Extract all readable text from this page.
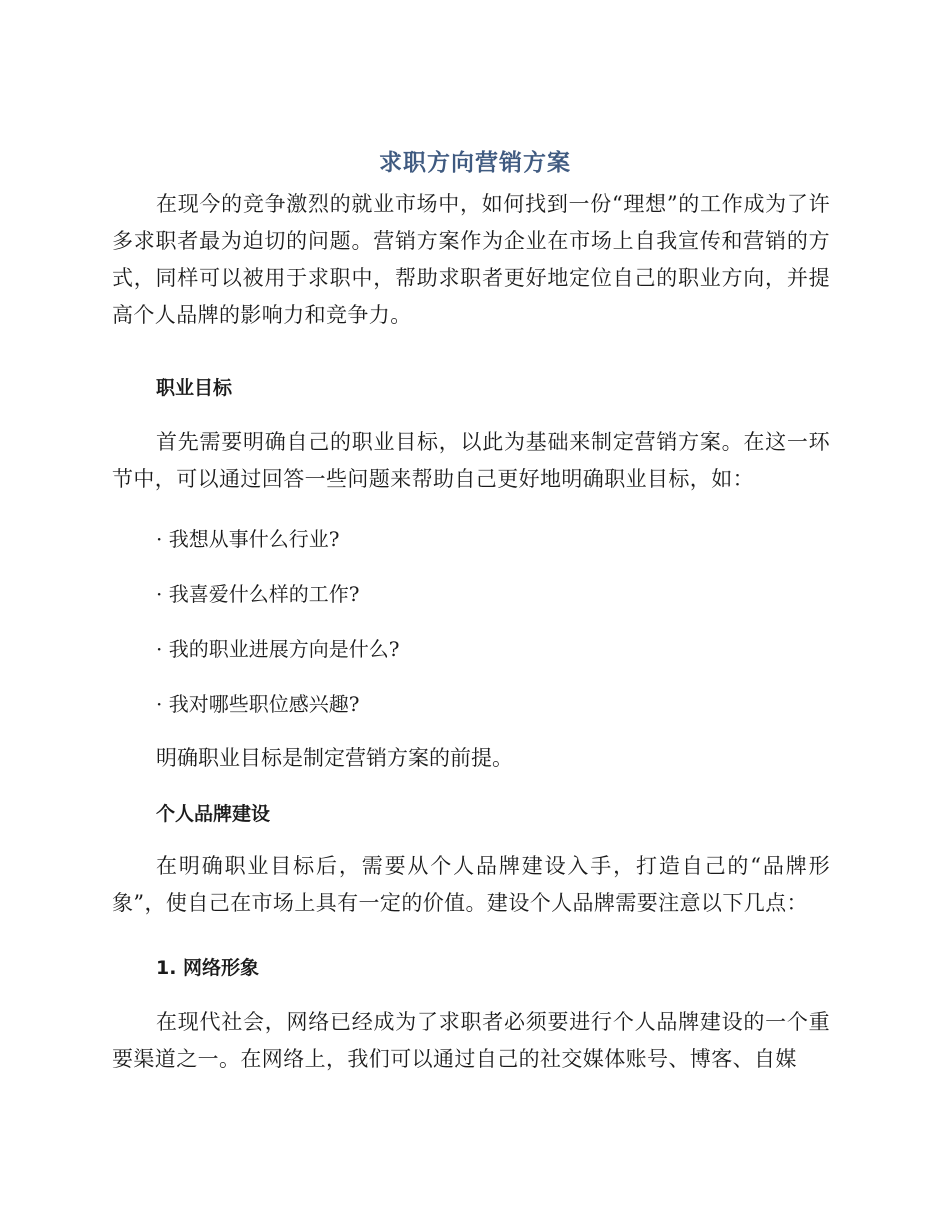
求职方向营销方案
在现今的竞争激烈的就业市场中，如何找到一份“理想”的工作成为了许多求职者最为迫切的问题。营销方案作为企业在市场上自我宣传和营销的方式，同样可以被用于求职中，帮助求职者更好地定位自己的职业方向，并提高个人品牌的影响力和竞争力。
职业目标
首先需要明确自己的职业目标，以此为基础来制定营销方案。在这一环节中，可以通过回答一些问题来帮助自己更好地明确职业目标，如：
· 我想从事什么行业?
· 我喜爱什么样的工作?
· 我的职业进展方向是什么?
· 我对哪些职位感兴趣?
明确职业目标是制定营销方案的前提。
个人品牌建设
在明确职业目标后，需要从个人品牌建设入手，打造自己的“品牌形象”，使自己在市场上具有一定的价值。建设个人品牌需要注意以下几点：
1. 网络形象
在现代社会，网络已经成为了求职者必须要进行个人品牌建设的一个重要渠道之一。在网络上，我们可以通过自己的社交媒体账号、博客、自媒
